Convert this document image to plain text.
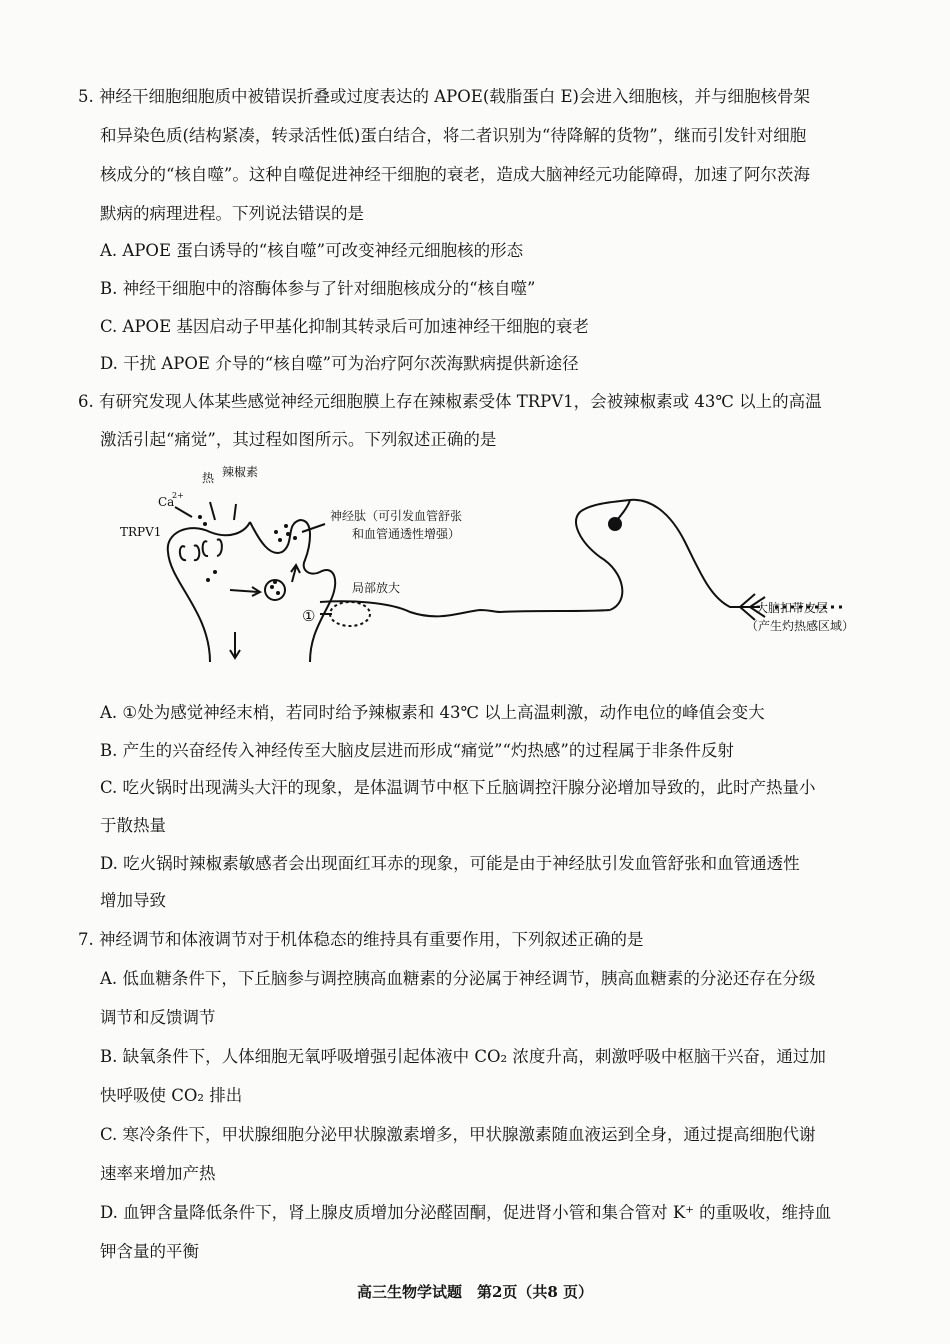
5. 神经干细胞细胞质中被错误折叠或过度表达的 APOE(载脂蛋白 E)会进入细胞核，并与细胞核骨架
和异染色质(结构紧凑，转录活性低)蛋白结合，将二者识别为“待降解的货物”，继而引发针对细胞
核成分的“核自噬”。这种自噬促进神经干细胞的衰老，造成大脑神经元功能障碍，加速了阿尔茨海
默病的病理进程。下列说法错误的是
A. APOE 蛋白诱导的“核自噬”可改变神经元细胞核的形态
B. 神经干细胞中的溶酶体参与了针对细胞核成分的“核自噬”
C. APOE 基因启动子甲基化抑制其转录后可加速神经干细胞的衰老
D. 干扰 APOE 介导的“核自噬”可为治疗阿尔茨海默病提供新途径
6. 有研究发现人体某些感觉神经元细胞膜上存在辣椒素受体 TRPV1，会被辣椒素或 43℃ 以上的高温
激活引起“痛觉”，其过程如图所示。下列叙述正确的是
热 辣椒素
Ca
2+
TRPV1
神经肽（可引发血管舒张
和血管通透性增强）
局部放大
①	大脑扣带皮层
（产生灼热感区域）
A. ①处为感觉神经末梢，若同时给予辣椒素和 43℃ 以上高温刺激，动作电位的峰值会变大
B. 产生的兴奋经传入神经传至大脑皮层进而形成“痛觉”“灼热感”的过程属于非条件反射
C. 吃火锅时出现满头大汗的现象，是体温调节中枢下丘脑调控汗腺分泌增加导致的，此时产热量小
于散热量
D. 吃火锅时辣椒素敏感者会出现面红耳赤的现象，可能是由于神经肽引发血管舒张和血管通透性
增加导致
7. 神经调节和体液调节对于机体稳态的维持具有重要作用，下列叙述正确的是
A. 低血糖条件下，下丘脑参与调控胰高血糖素的分泌属于神经调节，胰高血糖素的分泌还存在分级
调节和反馈调节
B. 缺氧条件下，人体细胞无氧呼吸增强引起体液中 CO₂ 浓度升高，刺激呼吸中枢脑干兴奋，通过加
快呼吸使 CO₂ 排出
C. 寒冷条件下，甲状腺细胞分泌甲状腺激素增多，甲状腺激素随血液运到全身，通过提高细胞代谢
速率来增加产热
D. 血钾含量降低条件下，肾上腺皮质增加分泌醛固酮，促进肾小管和集合管对 K⁺ 的重吸收，维持血
钾含量的平衡
高三生物学试题　第2页（共8 页）
